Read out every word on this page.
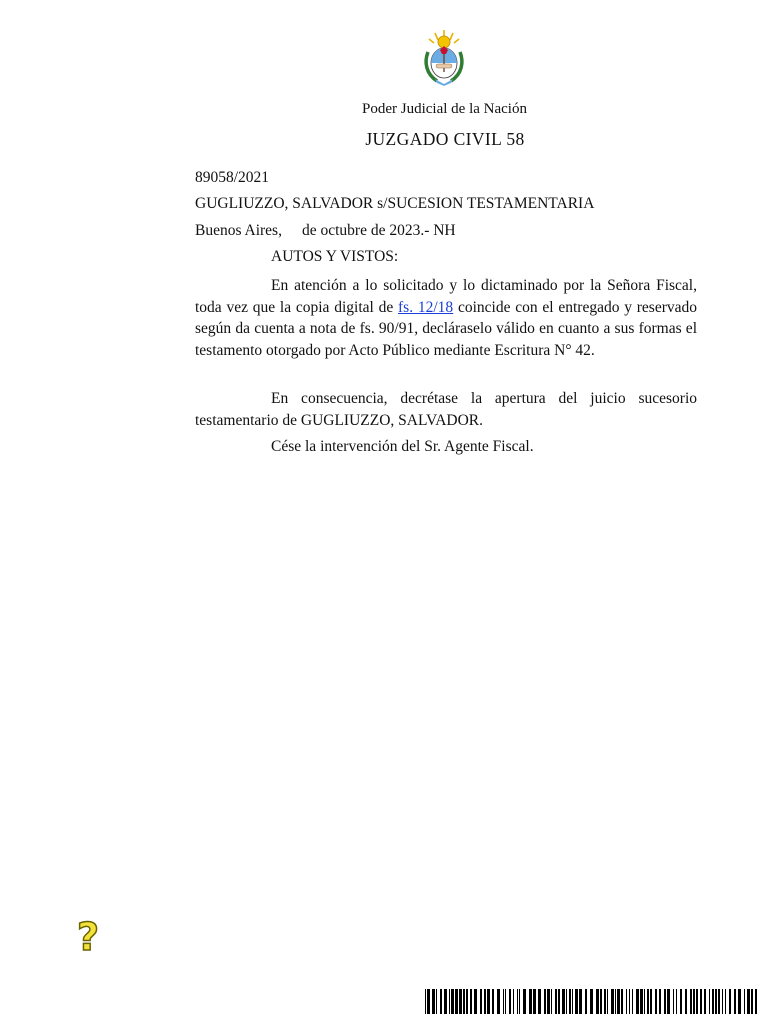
Poder Judicial de la Nación
JUZGADO CIVIL 58
89058/2021
GUGLIUZZO, SALVADOR s/SUCESION TESTAMENTARIA
Buenos Aires, de octubre de 2023.- NH
AUTOS Y VISTOS:
En atención a lo solicitado y lo dictaminado por la Señora Fiscal, toda vez que la copia digital de fs. 12/18 coincide con el entregado y reservado según da cuenta a nota de fs. 90/91, decláraselo válido en cuanto a sus formas el testamento otorgado por Acto Público mediante Escritura N° 42.
En consecuencia, decrétase la apertura del juicio sucesorio testamentario de GUGLIUZZO, SALVADOR.
Cése la intervención del Sr. Agente Fiscal.
?
